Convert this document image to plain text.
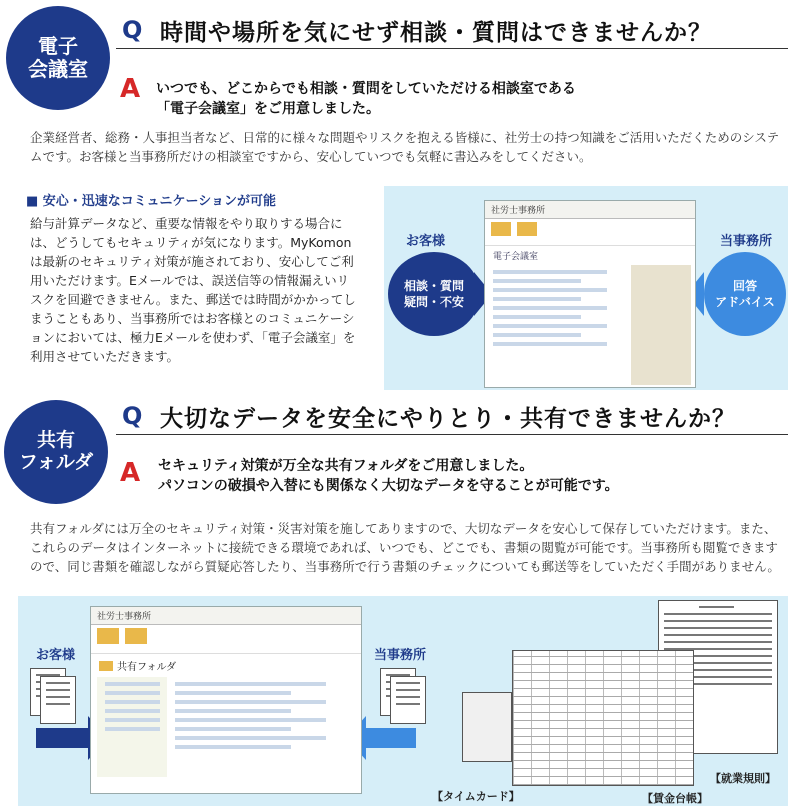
電子
会議室
Q 時間や場所を気にせず相談・質問はできませんか？
A いつでも、どこからでも相談・質問をしていただける相談室である
「電子会議室」をご用意しました。
企業経営者、総務・人事担当者など、日常的に様々な問題やリスクを抱える皆様に、社労士の持つ知識をご活用いただくためのシステムです。お客様と当事務所だけの相談室ですから、安心していつでも気軽に書込みをしてください。
■ 安心・迅速なコミュニケーションが可能
給与計算データなど、重要な情報をやり取りする場合には、どうしてもセキュリティが気になります。MyKomonは最新のセキュリティ対策が施されており、安心してご利用いただけます。Eメールでは、誤送信等の情報漏えいリスクを回避できません。また、郵送では時間がかかってしまうこともあり、当事務所ではお客様とのコミュニケーションにおいては、極力Eメールを使わず、「電子会議室」を利用させていただきます。
お客様	当事務所
相談・質問
疑問・不安
回答
アドバイス
社労士事務所
電子会議室
共有
フォルダ
Q 大切なデータを安全にやりとり・共有できませんか？
A セキュリティ対策が万全な共有フォルダをご用意しました。
パソコンの破損や入替にも関係なく大切なデータを守ることが可能です。
共有フォルダには万全のセキュリティ対策・災害対策を施してありますので、大切なデータを安心して保存していただけます。また、これらのデータはインターネットに接続できる環境であれば、いつでも、どこでも、書類の閲覧が可能です。当事務所も閲覧できますので、同じ書類を確認しながら質疑応答したり、当事務所で行う書類のチェックについても郵送等をしていただく手間がありません。
お客様	当事務所
社労士事務所
共有フォルダ
【タイムカード】	【賃金台帳】
【就業規則】
